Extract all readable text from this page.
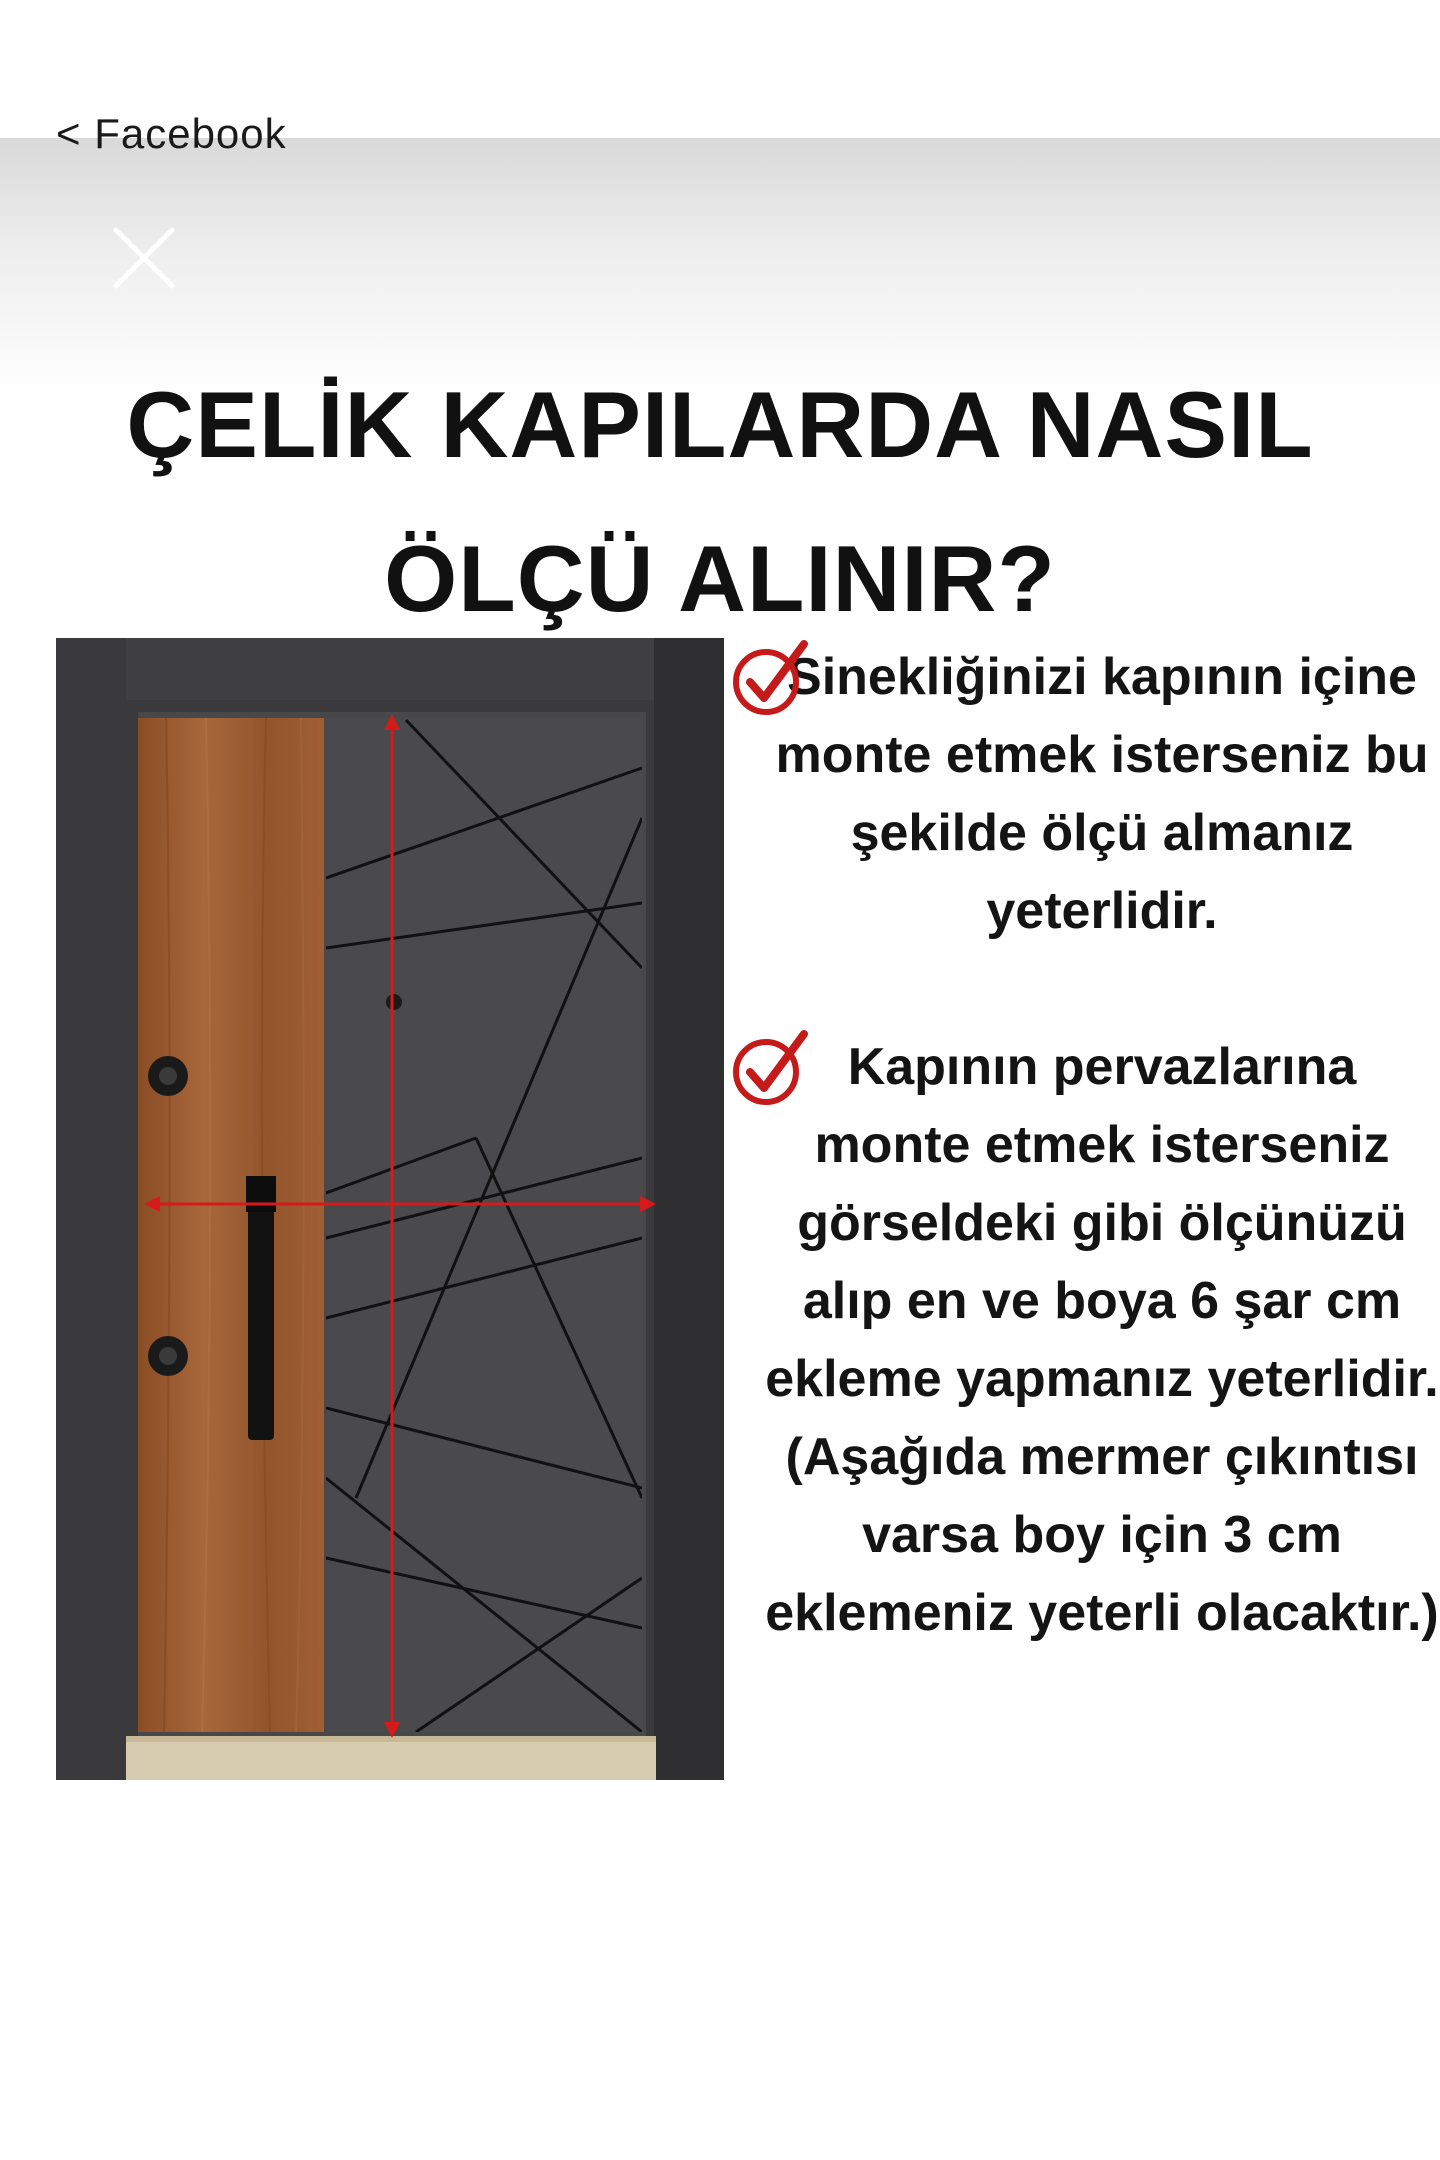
< Facebook
ÇELİK KAPILARDA NASIL ÖLÇÜ ALINIR?
Sinekliğinizi kapının içine monte etmek isterseniz bu şekilde ölçü almanız yeterlidir.
Kapının pervazlarına monte etmek isterseniz görseldeki gibi ölçünüzü alıp en ve boya 6 şar cm ekleme yapmanız yeterlidir. (Aşağıda mermer çıkıntısı varsa boy için 3 cm eklemeniz yeterli olacaktır.)
